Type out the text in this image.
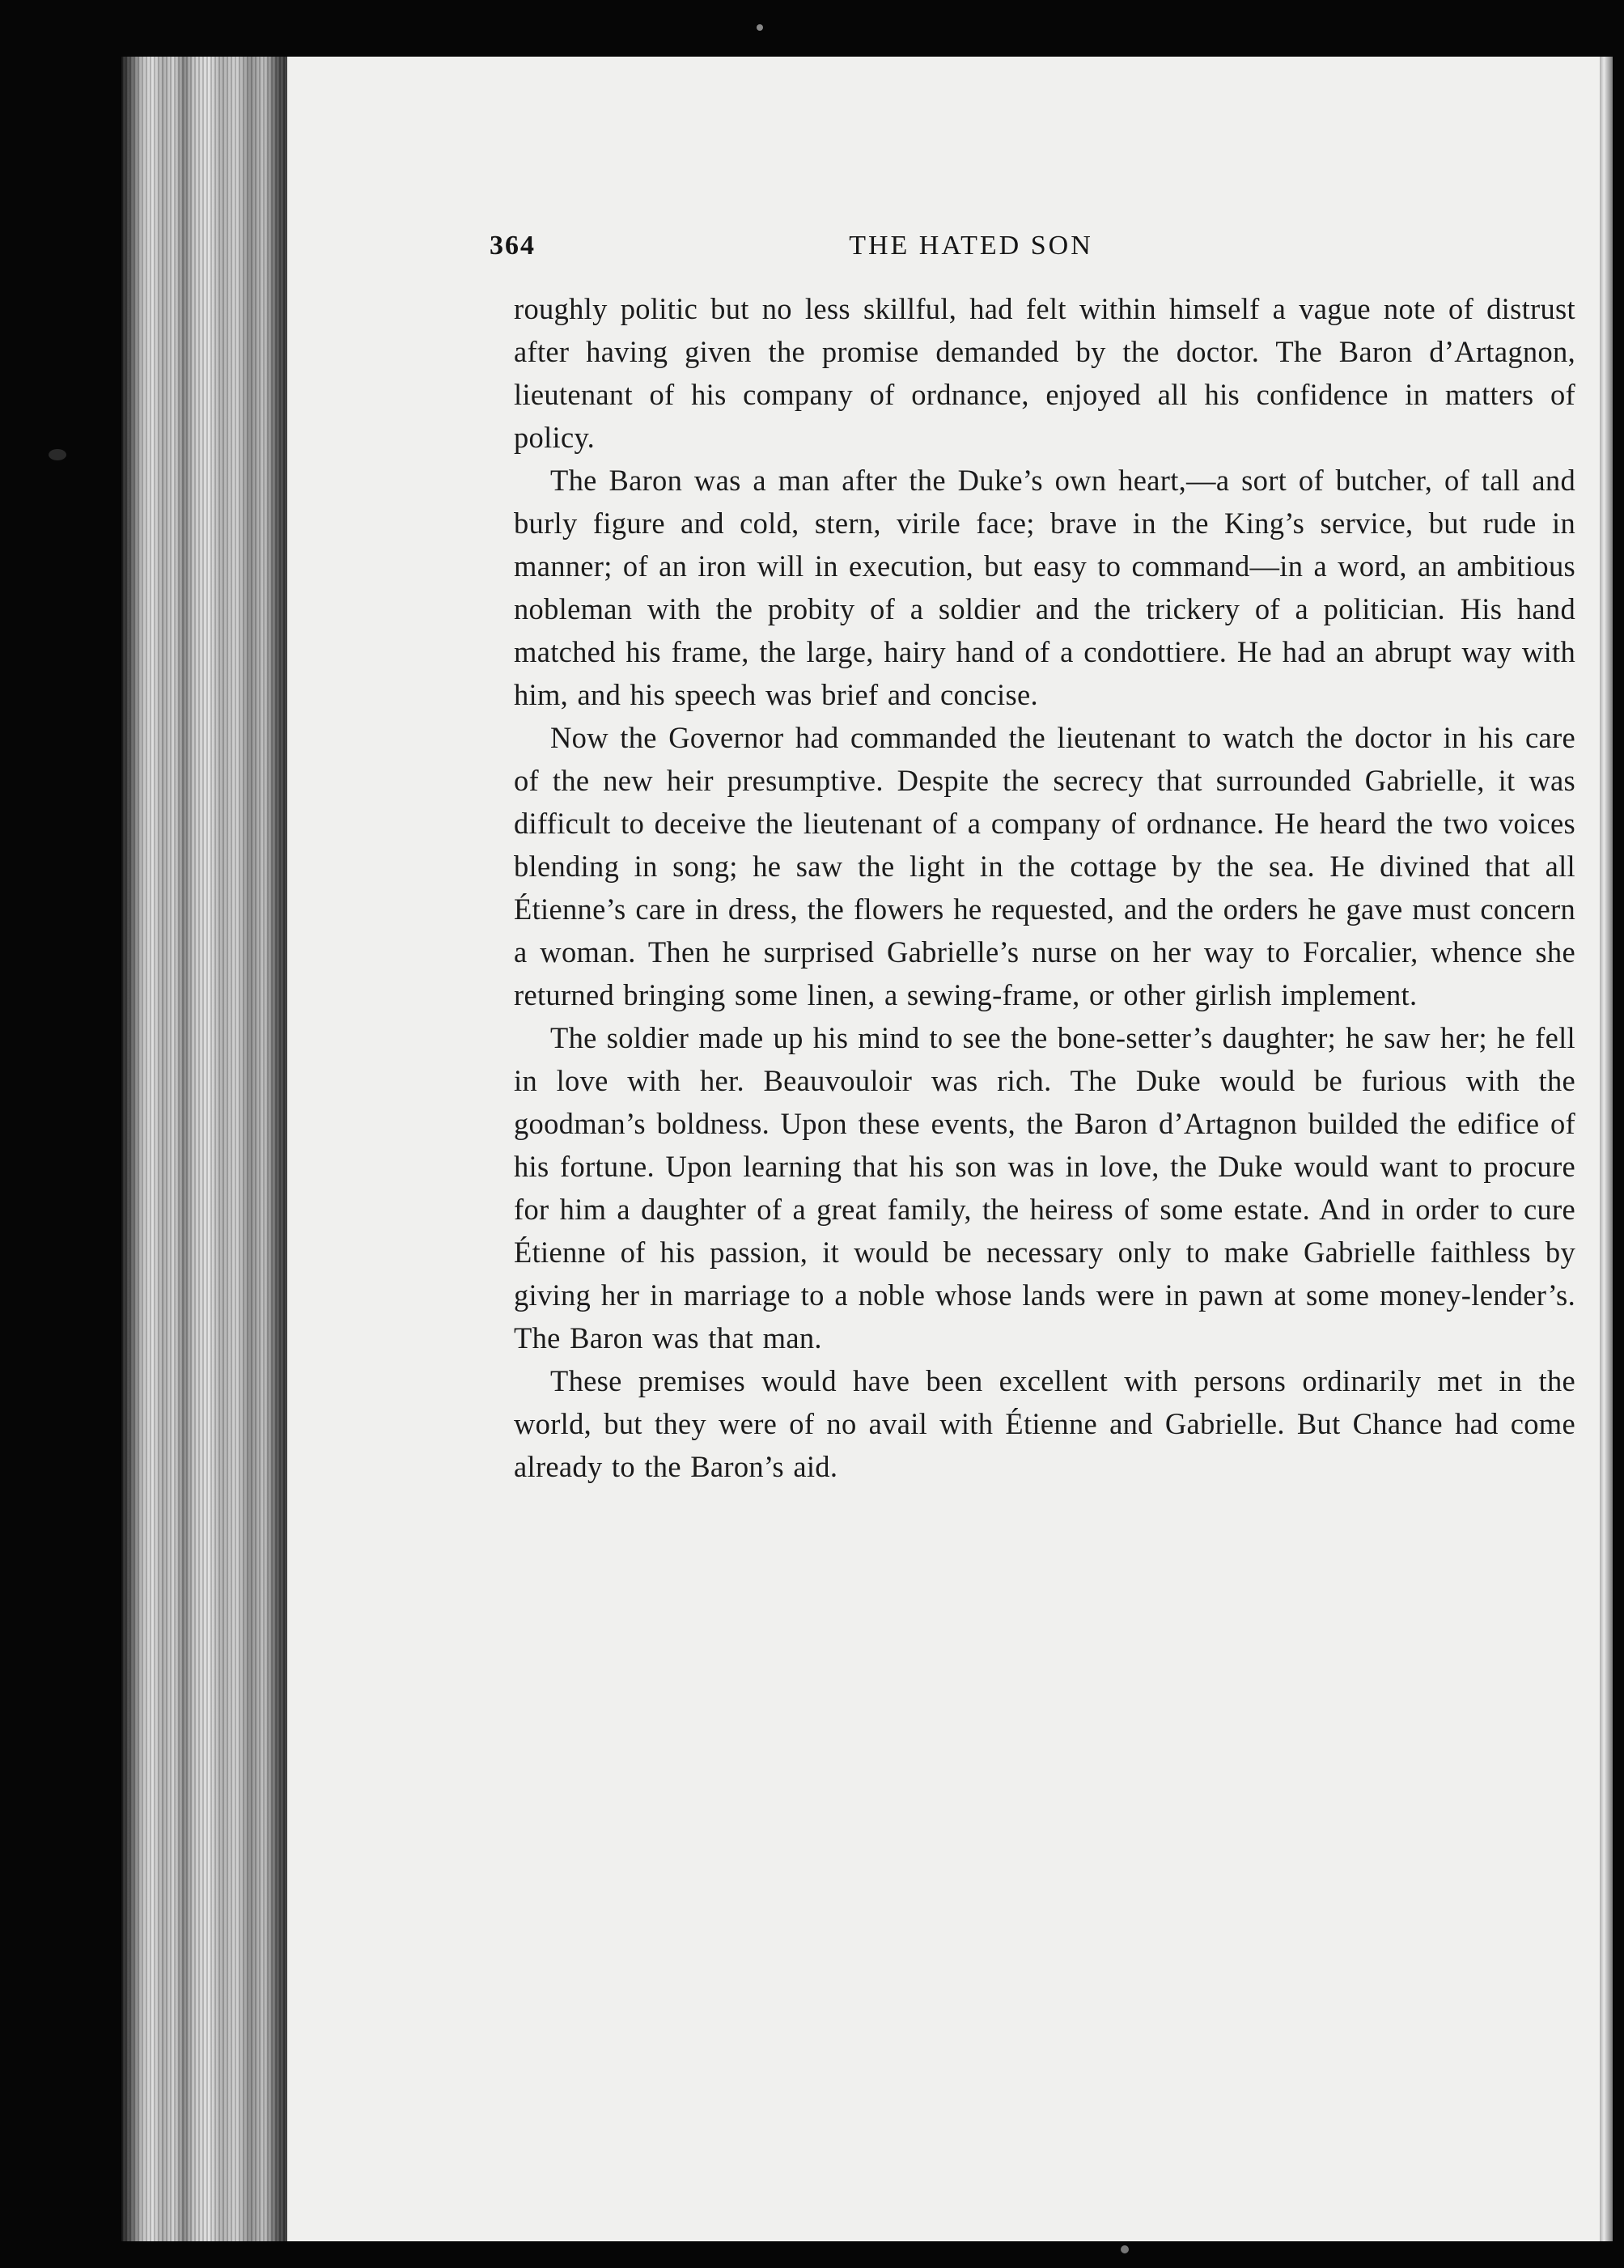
364	THE HATED SON

roughly politic but no less skillful, had felt within himself a vague note of distrust after having given the promise demanded by the doctor. The Baron d’Artagnon, lieutenant of his company of ordnance, enjoyed all his confidence in matters of policy.

The Baron was a man after the Duke’s own heart,—a sort of butcher, of tall and burly figure and cold, stern, virile face; brave in the King’s service, but rude in manner; of an iron will in execution, but easy to command—in a word, an ambitious nobleman with the probity of a soldier and the trickery of a politician. His hand matched his frame, the large, hairy hand of a condottiere. He had an abrupt way with him, and his speech was brief and concise.

Now the Governor had commanded the lieutenant to watch the doctor in his care of the new heir presumptive. Despite the secrecy that surrounded Gabrielle, it was difficult to deceive the lieutenant of a company of ordnance. He heard the two voices blending in song; he saw the light in the cottage by the sea. He divined that all Étienne’s care in dress, the flowers he requested, and the orders he gave must concern a woman. Then he surprised Gabrielle’s nurse on her way to Forcalier, whence she returned bringing some linen, a sewing-frame, or other girlish implement.

The soldier made up his mind to see the bone-setter’s daughter; he saw her; he fell in love with her. Beauvouloir was rich. The Duke would be furious with the goodman’s boldness. Upon these events, the Baron d’Artagnon builded the edifice of his fortune. Upon learning that his son was in love, the Duke would want to procure for him a daughter of a great family, the heiress of some estate. And in order to cure Étienne of his passion, it would be necessary only to make Gabrielle faithless by giving her in marriage to a noble whose lands were in pawn at some money-lender’s. The Baron was that man.

These premises would have been excellent with persons ordinarily met in the world, but they were of no avail with Étienne and Gabrielle. But Chance had come already to the Baron’s aid.
